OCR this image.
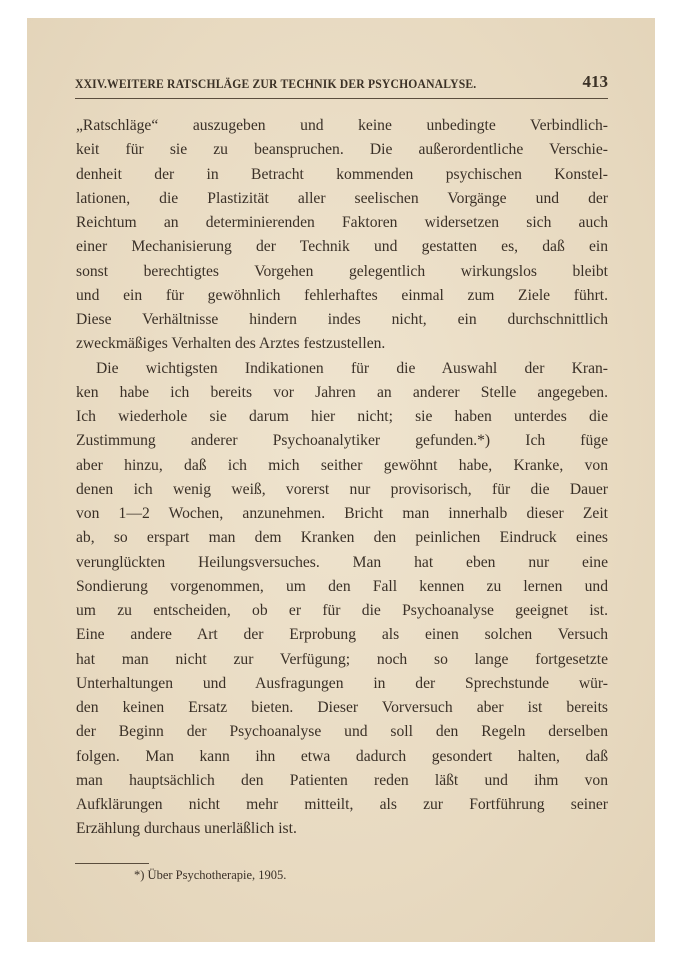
XXIV.WEITERE RATSCHLÄGE ZUR TECHNIK DER PSYCHOANALYSE.	413
„Ratschläge“ auszugeben und keine unbedingte Verbindlich-
keit für sie zu beanspruchen. Die außerordentliche Verschie-
denheit der in Betracht kommenden psychischen Konstel-
lationen, die Plastizität aller seelischen Vorgänge und der
Reichtum an determinierenden Faktoren widersetzen sich auch
einer Mechanisierung der Technik und gestatten es, daß ein
sonst berechtigtes Vorgehen gelegentlich wirkungslos bleibt
und ein für gewöhnlich fehlerhaftes einmal zum Ziele führt.
Diese Verhältnisse hindern indes nicht, ein durchschnittlich
zweckmäßiges Verhalten des Arztes festzustellen.
Die wichtigsten Indikationen für die Auswahl der Kran-
ken habe ich bereits vor Jahren an anderer Stelle angegeben.
Ich wiederhole sie darum hier nicht; sie haben unterdes die
Zustimmung anderer Psychoanalytiker gefunden.*) Ich füge
aber hinzu, daß ich mich seither gewöhnt habe, Kranke, von
denen ich wenig weiß, vorerst nur provisorisch, für die Dauer
von 1—2 Wochen, anzunehmen. Bricht man innerhalb dieser Zeit
ab, so erspart man dem Kranken den peinlichen Eindruck eines
verunglückten Heilungsversuches. Man hat eben nur eine
Sondierung vorgenommen, um den Fall kennen zu lernen und
um zu entscheiden, ob er für die Psychoanalyse geeignet ist.
Eine andere Art der Erprobung als einen solchen Versuch
hat man nicht zur Verfügung; noch so lange fortgesetzte
Unterhaltungen und Ausfragungen in der Sprechstunde wür-
den keinen Ersatz bieten. Dieser Vorversuch aber ist bereits
der Beginn der Psychoanalyse und soll den Regeln derselben
folgen. Man kann ihn etwa dadurch gesondert halten, daß
man hauptsächlich den Patienten reden läßt und ihm von
Aufklärungen nicht mehr mitteilt, als zur Fortführung seiner
Erzählung durchaus unerläßlich ist.
*) Über Psychotherapie, 1905.
